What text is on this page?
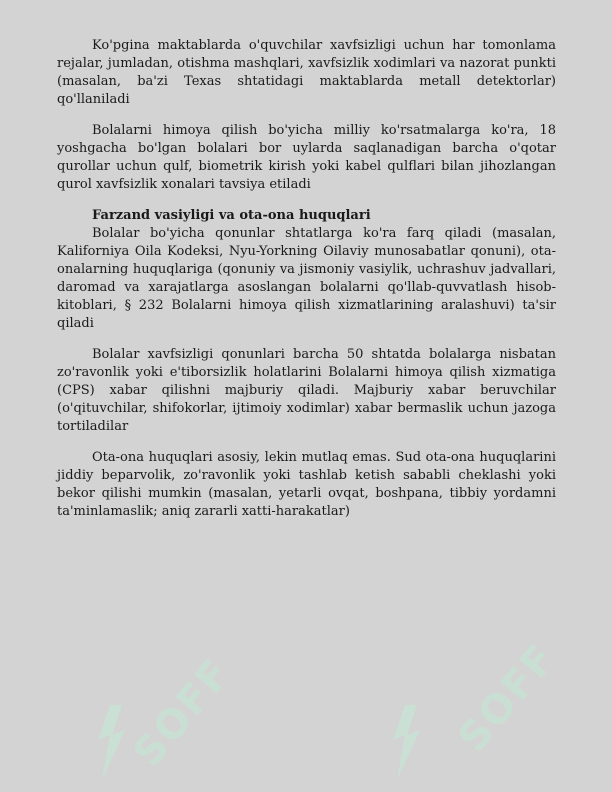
Ko'pgina maktablarda o'quvchilar xavfsizligi uchun har tomonlama rejalar, jumladan, otishma mashqlari, xavfsizlik xodimlari va nazorat punkti (masalan, ba'zi Texas shtatidagi maktablarda metall detektorlar) qo'llaniladi

Bolalarni himoya qilish bo'yicha milliy ko'rsatmalarga ko'ra, 18 yoshgacha bo'lgan bolalari bor uylarda saqlanadigan barcha o'qotar qurollar uchun qulf, biometrik kirish yoki kabel qulflari bilan jihozlangan qurol xavfsizlik xonalari tavsiya etiladi

Farzand vasiyligi va ota-ona huquqlari

Bolalar bo'yicha qonunlar shtatlarga ko'ra farq qiladi (masalan, Kaliforniya Oila Kodeksi, Nyu-Yorkning Oilaviy munosabatlar qonuni), ota-onalarning huquqlariga (qonuniy va jismoniy vasiylik, uchrashuv jadvallari, daromad va xarajatlarga asoslangan bolalarni qo'llab-quvvatlash hisob-kitoblari, § 232 Bolalarni himoya qilish xizmatlarining aralashuvi) ta'sir qiladi

Bolalar xavfsizligi qonunlari barcha 50 shtatda bolalarga nisbatan zo'ravonlik yoki e'tiborsizlik holatlarini Bolalarni himoya qilish xizmatiga (CPS) xabar qilishni majburiy qiladi. Majburiy xabar beruvchilar (o'qituvchilar, shifokorlar, ijtimoiy xodimlar) xabar bermaslik uchun jazoga tortiladilar

Ota-ona huquqlari asosiy, lekin mutlaq emas. Sud ota-ona huquqlarini jiddiy beparvolik, zo'ravonlik yoki tashlab ketish sababli cheklashi yoki bekor qilishi mumkin (masalan, yetarli ovqat, boshpana, tibbiy yordamni ta'minlamaslik; aniq zararli xatti-harakatlar)

SOFF	SOFF
